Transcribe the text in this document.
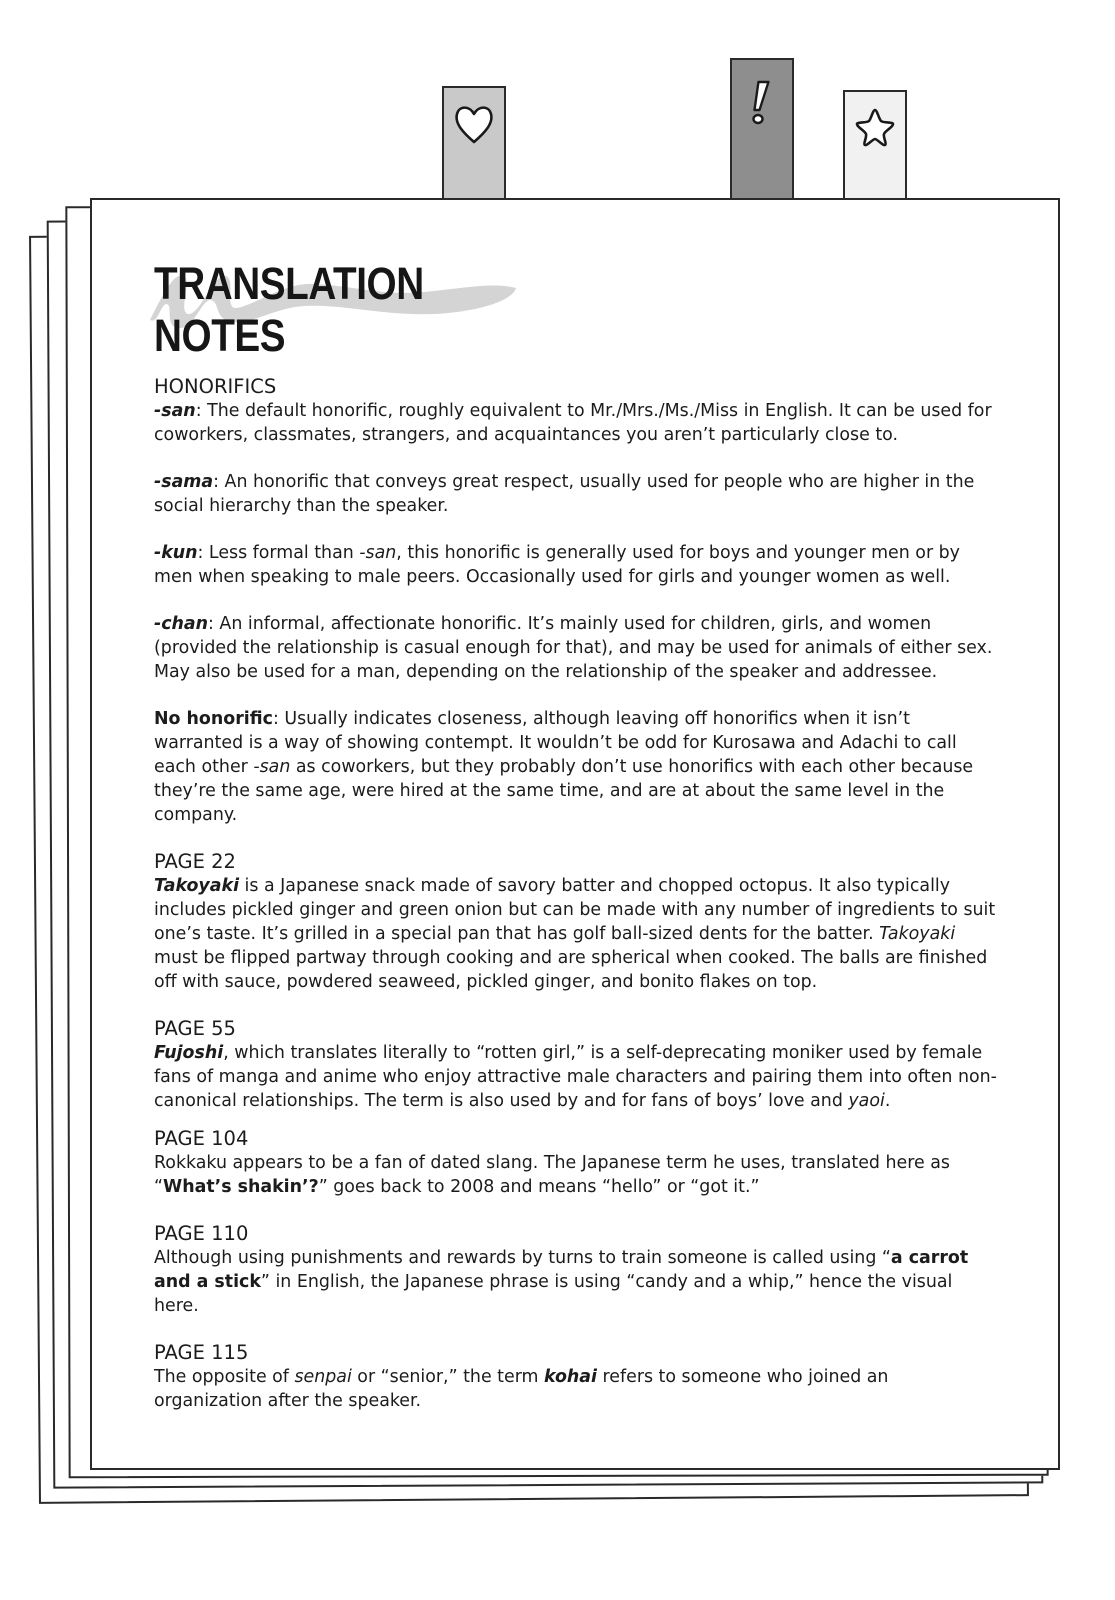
TRANSLATION NOTES

HONORIFICS

-san: The default honorific, roughly equivalent to Mr./Mrs./Ms./Miss in English. It can be used for coworkers, classmates, strangers, and acquaintances you aren’t particularly close to.

-sama: An honorific that conveys great respect, usually used for people who are higher in the social hierarchy than the speaker.

-kun: Less formal than -san, this honorific is generally used for boys and younger men or by men when speaking to male peers. Occasionally used for girls and younger women as well.

-chan: An informal, affectionate honorific. It’s mainly used for children, girls, and women (provided the relationship is casual enough for that), and may be used for animals of either sex. May also be used for a man, depending on the relationship of the speaker and addressee.

No honorific: Usually indicates closeness, although leaving off honorifics when it isn’t warranted is a way of showing contempt. It wouldn’t be odd for Kurosawa and Adachi to call each other -san as coworkers, but they probably don’t use honorifics with each other because they’re the same age, were hired at the same time, and are at about the same level in the company.

PAGE 22

Takoyaki is a Japanese snack made of savory batter and chopped octopus. It also typically includes pickled ginger and green onion but can be made with any number of ingredients to suit one’s taste. It’s grilled in a special pan that has golf ball-sized dents for the batter. Takoyaki must be flipped partway through cooking and are spherical when cooked. The balls are finished off with sauce, powdered seaweed, pickled ginger, and bonito flakes on top.

PAGE 55

Fujoshi, which translates literally to “rotten girl,” is a self-deprecating moniker used by female fans of manga and anime who enjoy attractive male characters and pairing them into often non-canonical relationships. The term is also used by and for fans of boys’ love and yaoi.

PAGE 104

Rokkaku appears to be a fan of dated slang. The Japanese term he uses, translated here as “What’s shakin’?” goes back to 2008 and means “hello” or “got it.”

PAGE 110

Although using punishments and rewards by turns to train someone is called using “a carrot and a stick” in English, the Japanese phrase is using “candy and a whip,” hence the visual here.

PAGE 115

The opposite of senpai or “senior,” the term kohai refers to someone who joined an organization after the speaker.
